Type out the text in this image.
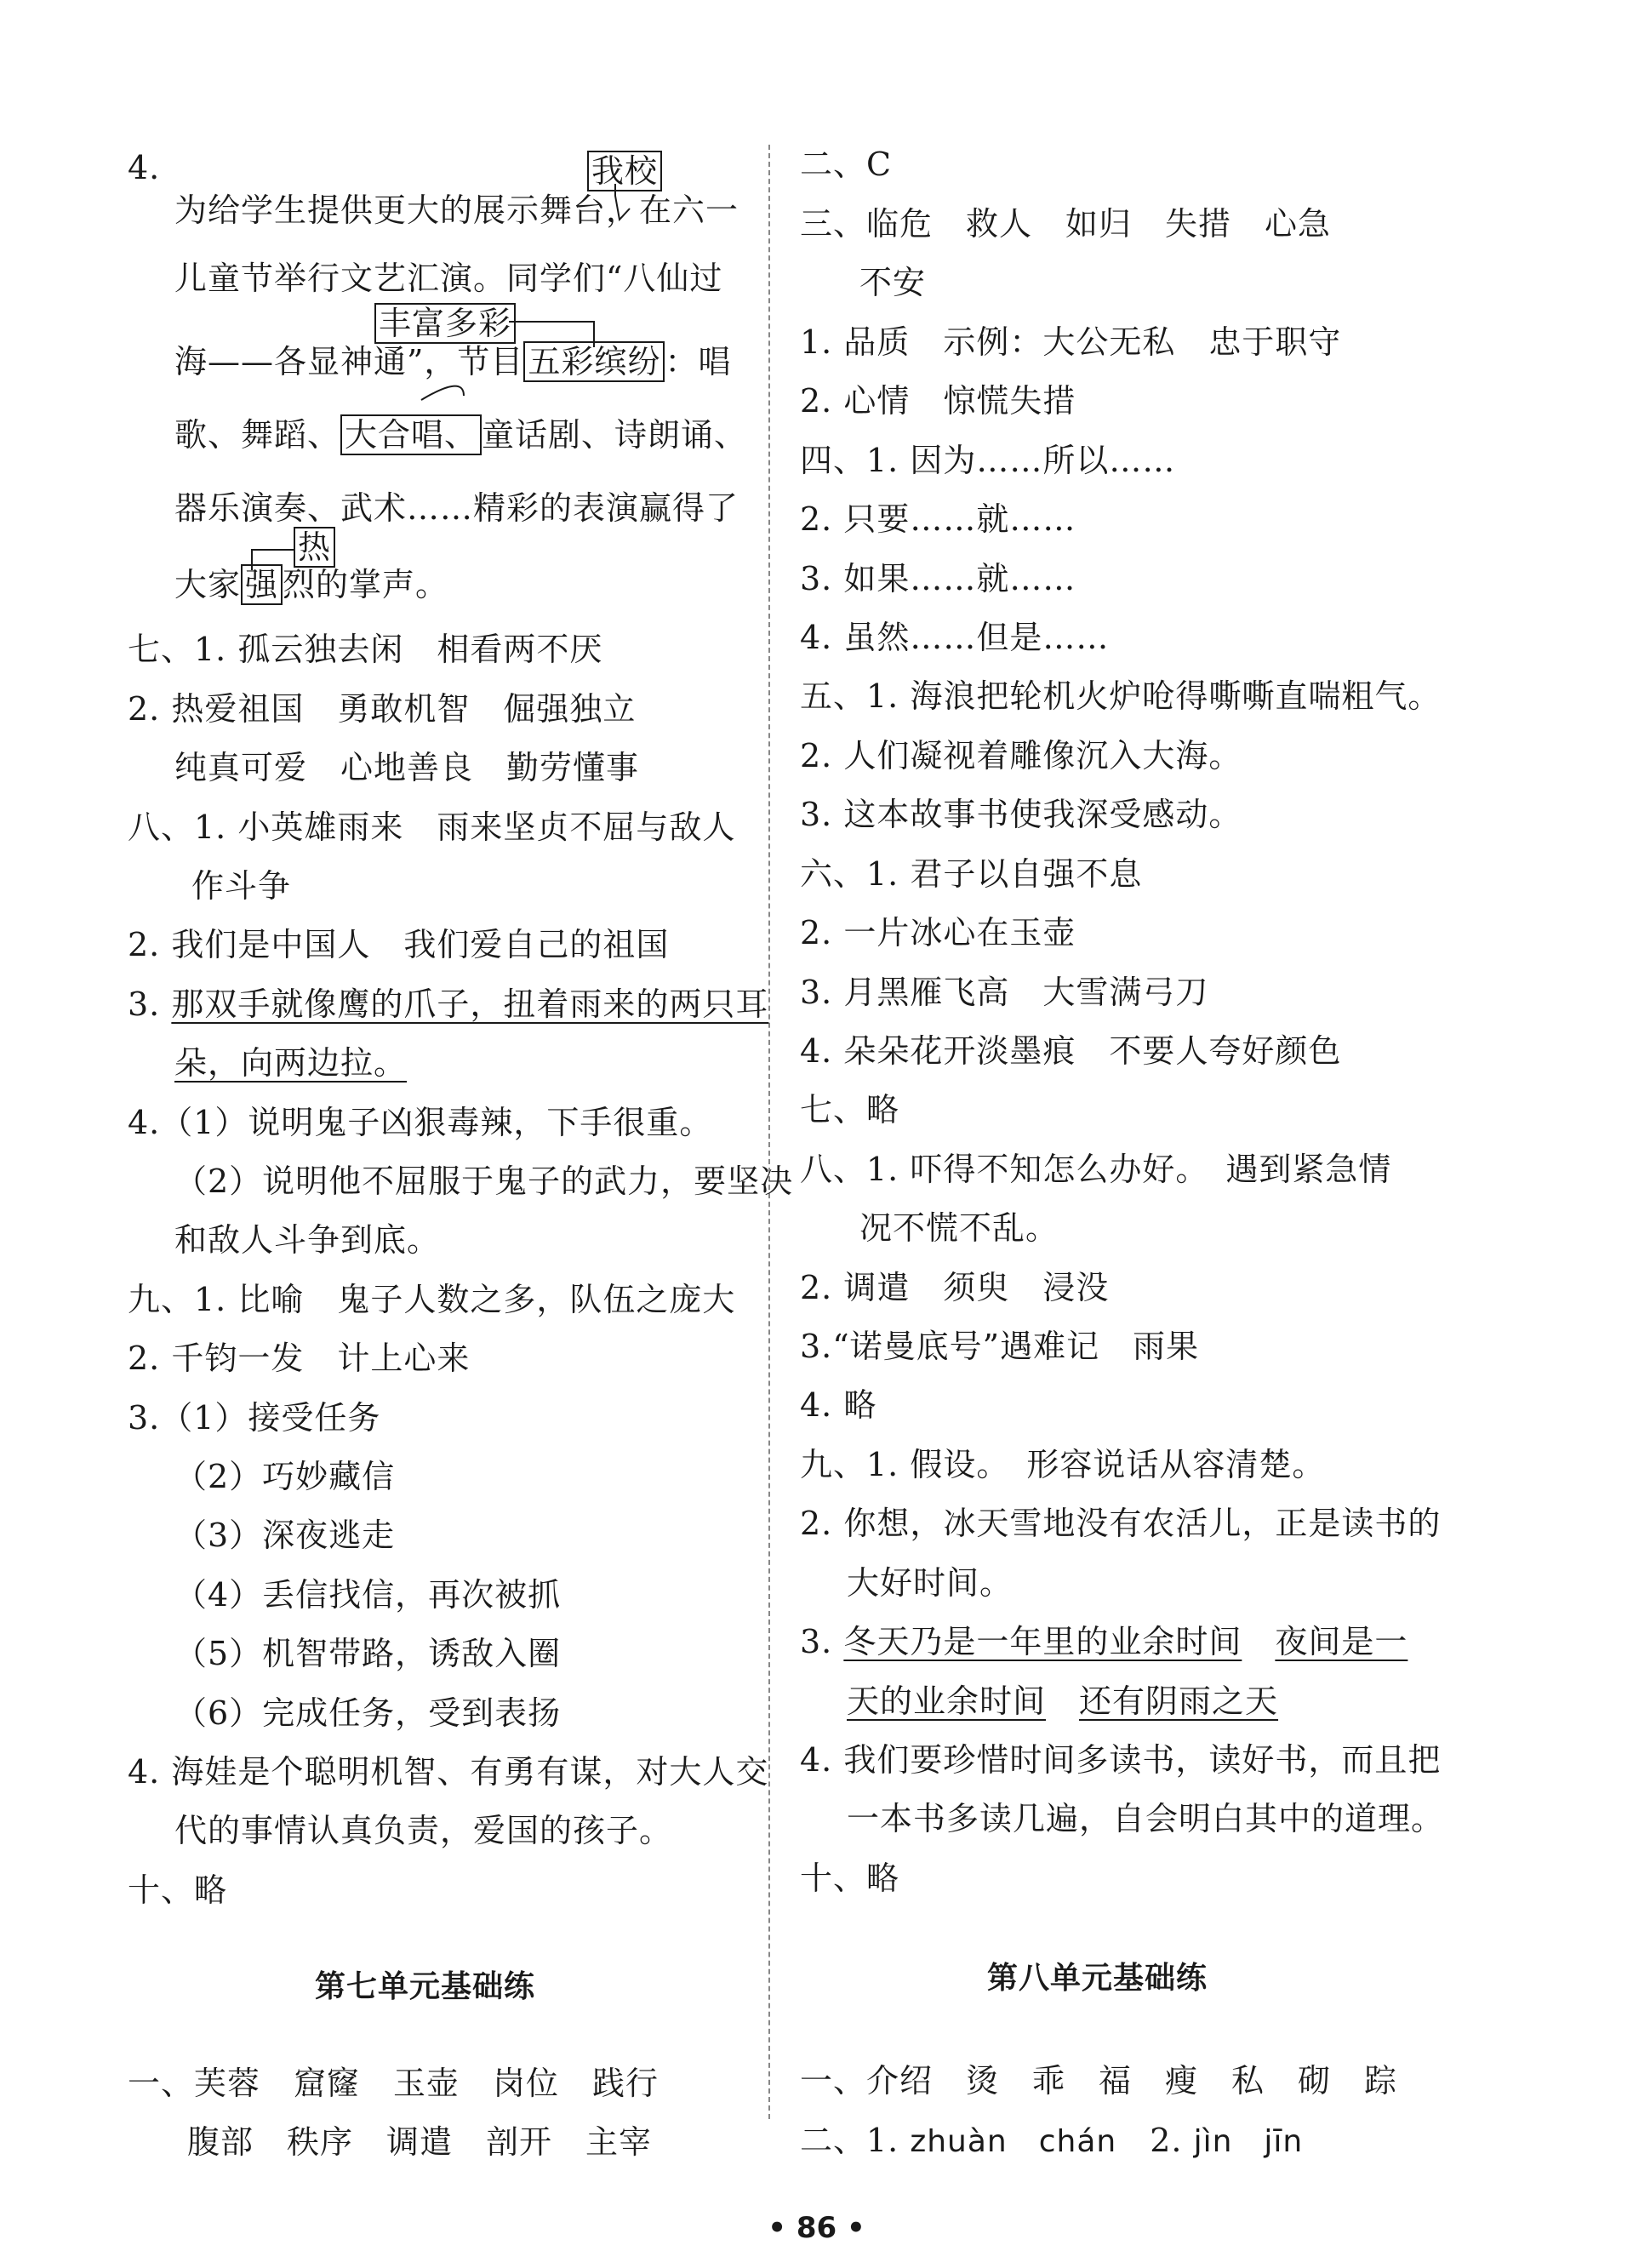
4.	我校
为给学生提供更大的展示舞台，在六一
儿童节举行文艺汇演。同学们“八仙过
丰富多彩
海——各显神通”，节目 五彩缤纷 ：唱
歌、舞蹈、 大合唱、 童话剧、诗朗诵、
器乐演奏、武术……精彩的表演赢得了
热
大家 强 烈的掌声。
七、1. 孤云独去闲　相看两不厌
2. 热爱祖国　勇敢机智　倔强独立
纯真可爱　心地善良　勤劳懂事
八、1. 小英雄雨来　雨来坚贞不屈与敌人
作斗争
2. 我们是中国人　我们爱自己的祖国
3. 那双手就像鹰的爪子，扭着雨来的两只耳
朵，向两边拉。
4.（1）说明鬼子凶狠毒辣，下手很重。
（2）说明他不屈服于鬼子的武力，要坚决
和敌人斗争到底。
九、1. 比喻　鬼子人数之多，队伍之庞大
2. 千钧一发　计上心来
3.（1）接受任务
（2）巧妙藏信
（3）深夜逃走
（4）丢信找信，再次被抓
（5）机智带路，诱敌入圈
（6）完成任务，受到表扬
4. 海娃是个聪明机智、有勇有谋，对大人交
代的事情认真负责，爱国的孩子。
十、略
第七单元基础练
一、芙蓉　窟窿　玉壶　岗位　践行
腹部　秩序　调遣　剖开　主宰
二、C
三、临危　救人　如归　失措　心急
不安
1. 品质　示例：大公无私　忠于职守
2. 心情　惊慌失措
四、1. 因为……所以……
2. 只要……就……
3. 如果……就……
4. 虽然……但是……
五、1. 海浪把轮机火炉呛得嘶嘶直喘粗气。
2. 人们凝视着雕像沉入大海。
3. 这本故事书使我深受感动。
六、1. 君子以自强不息
2. 一片冰心在玉壶
3. 月黑雁飞高　大雪满弓刀
4. 朵朵花开淡墨痕　不要人夸好颜色
七、略
八、1. 吓得不知怎么办好。　遇到紧急情
况不慌不乱。
2. 调遣　须臾　浸没
3.“诺曼底号”遇难记　雨果
4. 略
九、1. 假设。　形容说话从容清楚。
2. 你想，冰天雪地没有农活儿，正是读书的
大好时间。
3. 冬天乃是一年里的业余时间　 夜间是一
天的业余时间　 还有阴雨之天
4. 我们要珍惜时间多读书，读好书，而且把
一本书多读几遍，自会明白其中的道理。
十、略
第八单元基础练
一、介绍　烫　乖　福　瘦　私　砌　踪
二、1. zhuàn　chán　2. jìn　jīn
• 86 •
